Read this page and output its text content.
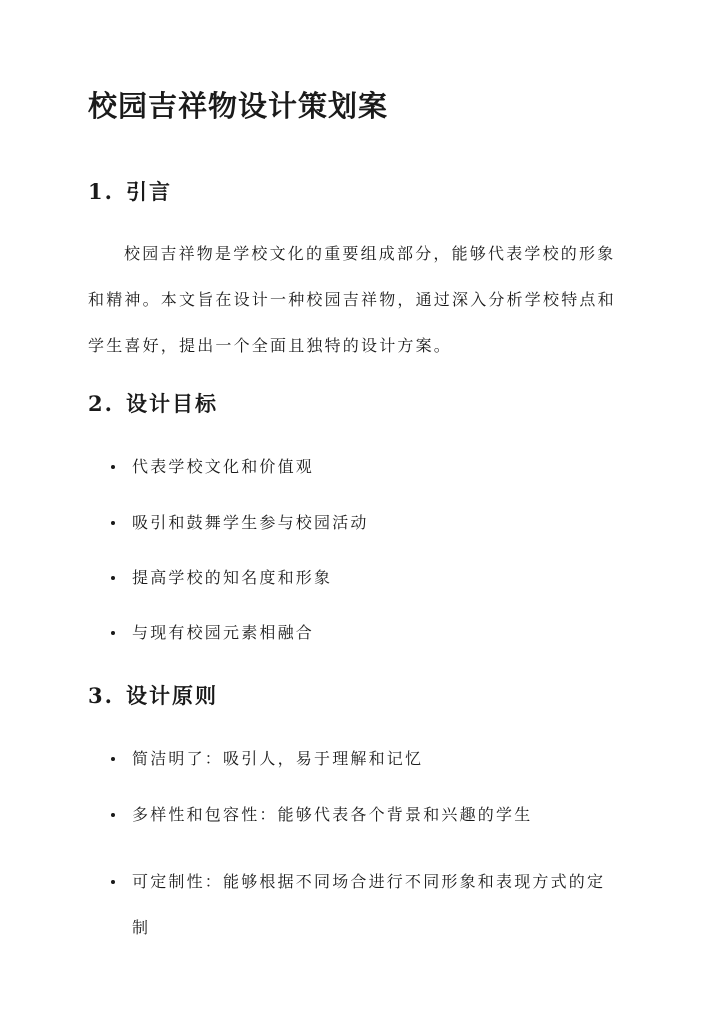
校园吉祥物设计策划案
1. 引言
校园吉祥物是学校文化的重要组成部分，能够代表学校的形象
和精神。本文旨在设计一种校园吉祥物，通过深入分析学校特点和
学生喜好，提出一个全面且独特的设计方案。
2. 设计目标
代表学校文化和价值观
吸引和鼓舞学生参与校园活动
提高学校的知名度和形象
与现有校园元素相融合
3. 设计原则
简洁明了：吸引人，易于理解和记忆
多样性和包容性：能够代表各个背景和兴趣的学生
可定制性：能够根据不同场合进行不同形象和表现方式的定
制
